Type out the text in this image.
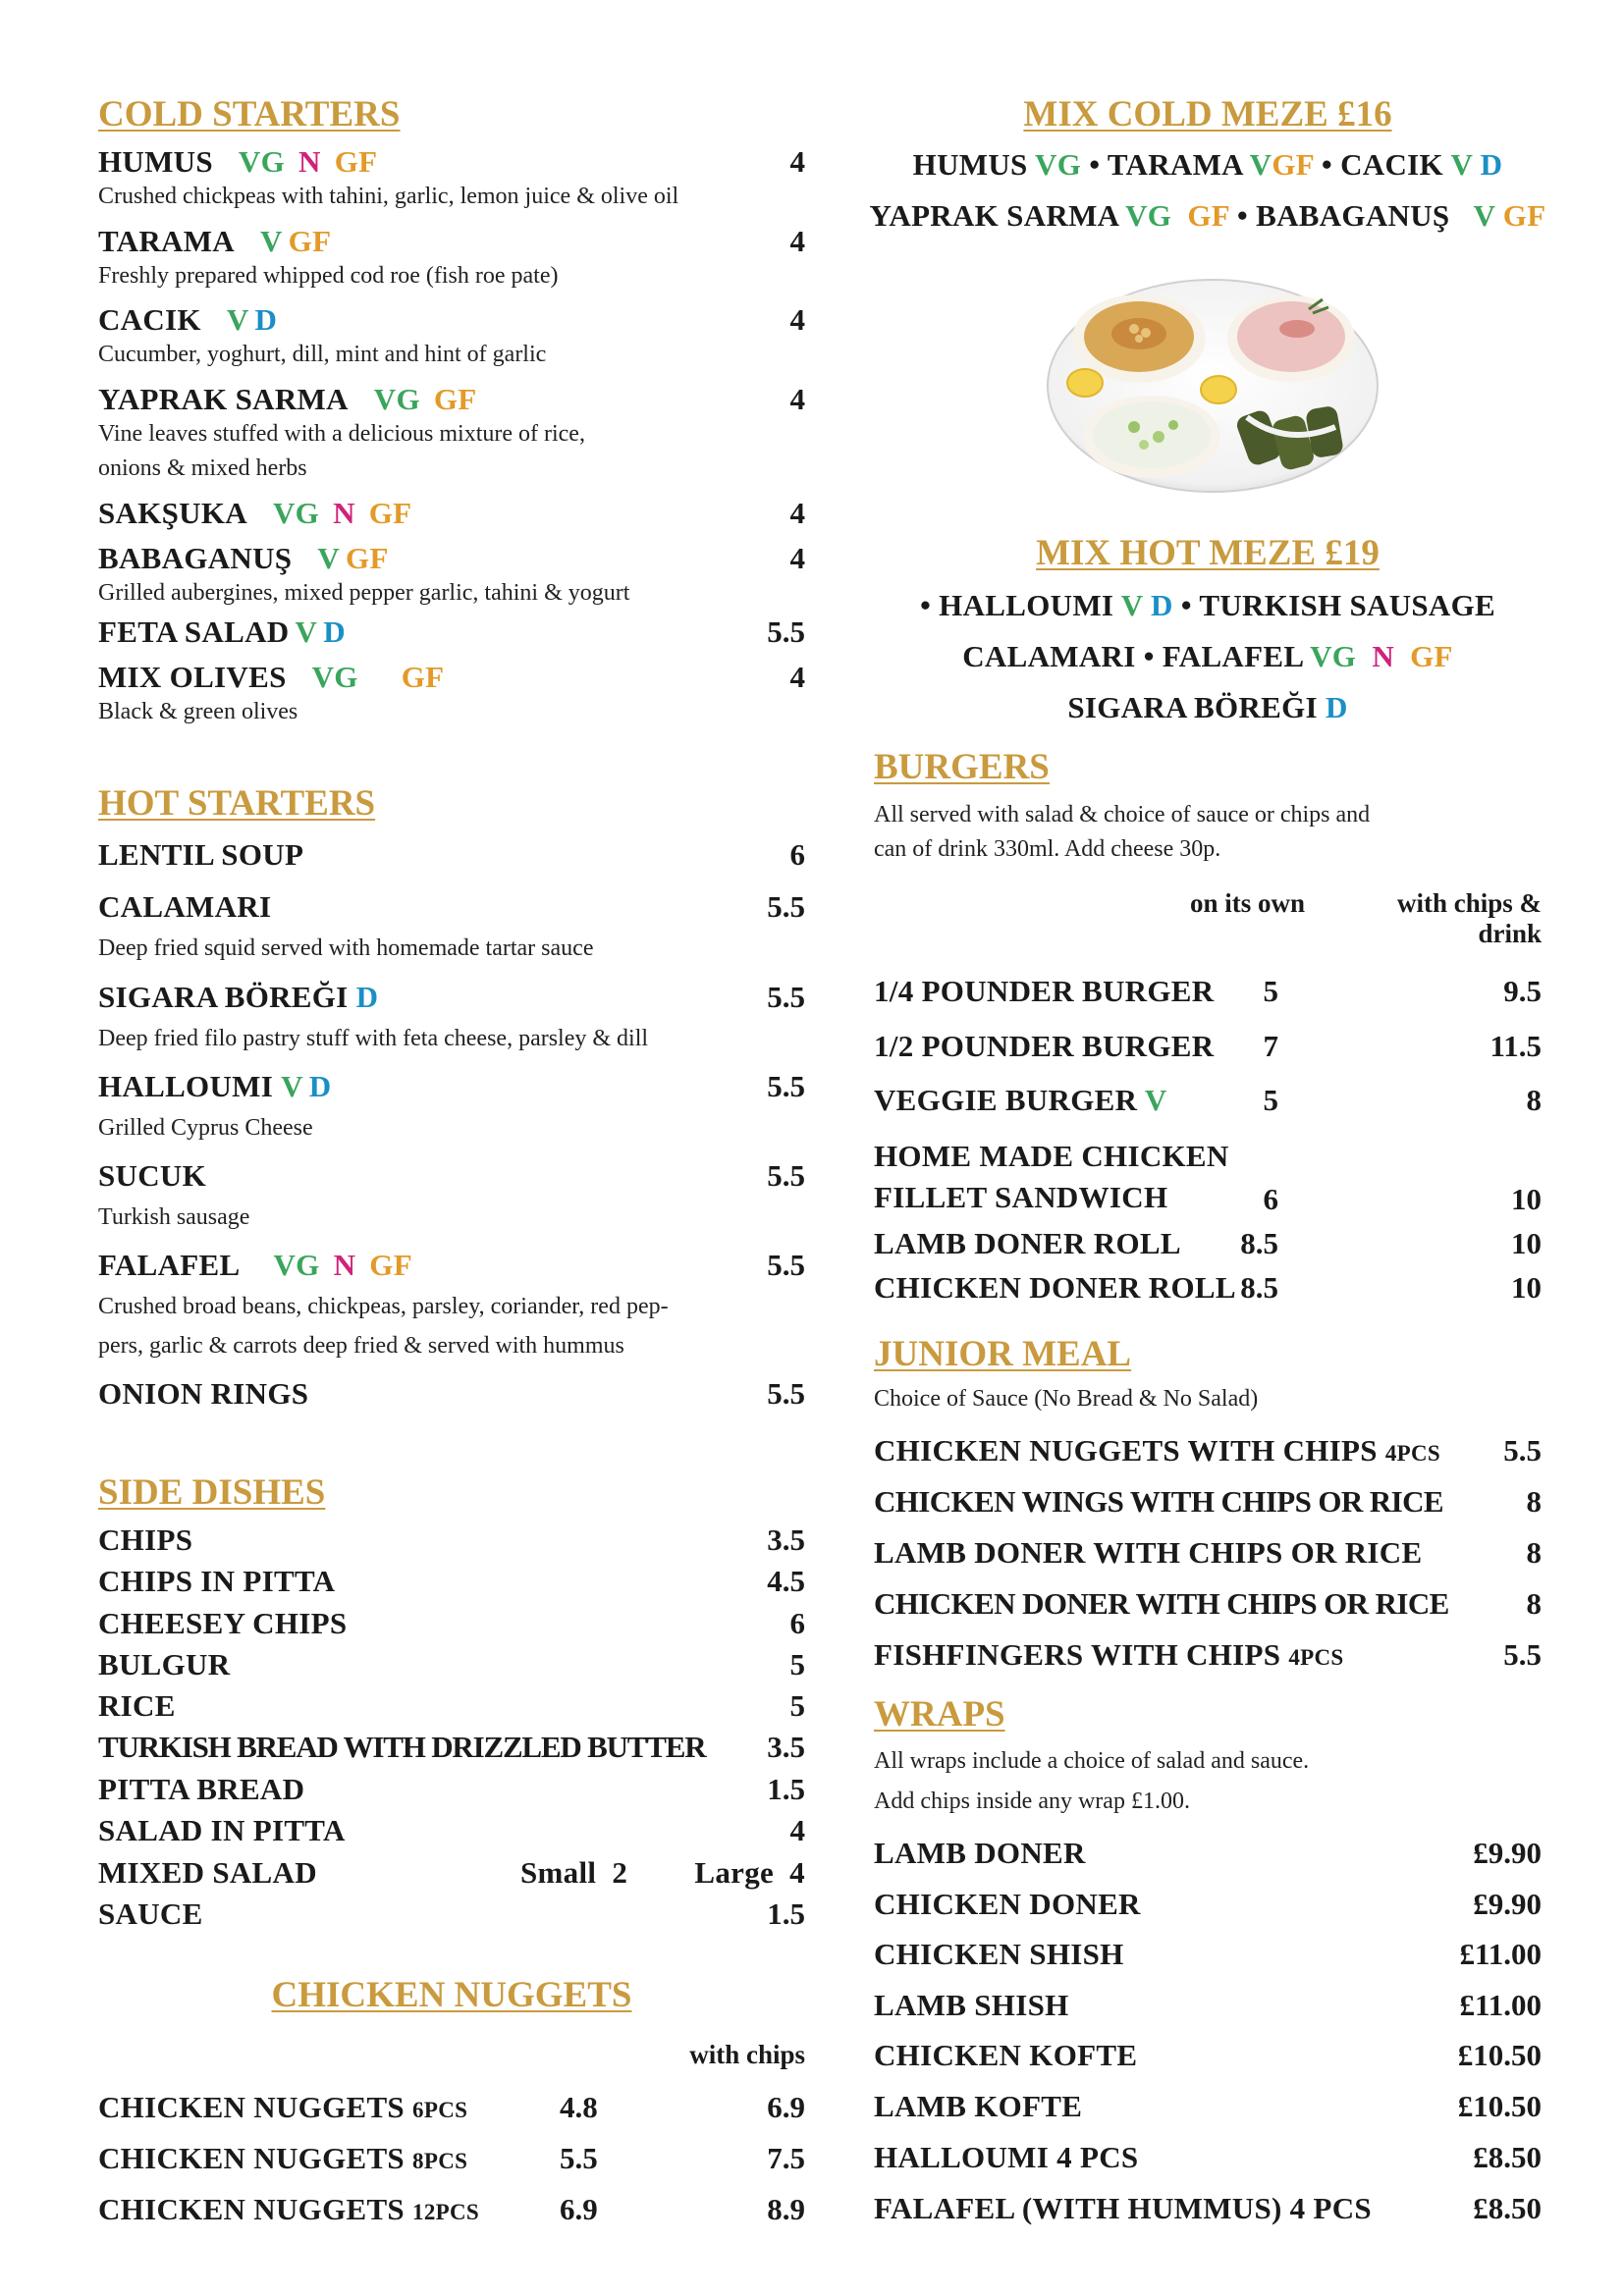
COLD STARTERS
HUMUS VG N GF	4
Crushed chickpeas with tahini, garlic, lemon juice & olive oil
TARAMA V GF	4
Freshly prepared whipped cod roe (fish roe pate)
CACIK V D	4
Cucumber, yoghurt, dill, mint and hint of garlic
YAPRAK SARMA VG GF	4
Vine leaves stuffed with a delicious mixture of rice,
onions & mixed herbs
SAKŞUKA VG N GF	4
BABAGANUŞ V GF	4
Grilled aubergines, mixed pepper garlic, tahini & yogurt
FETA SALAD V D	5.5
MIX OLIVES VG GF	4
Black & green olives
HOT STARTERS
LENTIL SOUP	6
CALAMARI	5.5
Deep fried squid served with homemade tartar sauce
SIGARA BÖREĞI D	5.5
Deep fried filo pastry stuff with feta cheese, parsley & dill
HALLOUMI V D	5.5
Grilled Cyprus Cheese
SUCUK	5.5
Turkish sausage
FALAFEL VG N GF	5.5
Crushed broad beans, chickpeas, parsley, coriander, red pep-
pers, garlic & carrots deep fried & served with hummus
ONION RINGS	5.5
SIDE DISHES
CHIPS	3.5
CHIPS IN PITTA	4.5
CHEESEY CHIPS	6
BULGUR	5
RICE	5
TURKISH BREAD WITH DRIZZLED BUTTER	3.5
PITTA BREAD	1.5
SALAD IN PITTA	4
MIXED SALAD	Small  2 Large  4
SAUCE	1.5
CHICKEN NUGGETS
with chips
CHICKEN NUGGETS 6PCS	4.8	6.9
CHICKEN NUGGETS 8PCS	5.5	7.5
CHICKEN NUGGETS 12PCS	6.9	8.9
MIX COLD MEZE £16
HUMUS VG • TARAMA VGF • CACIK V D
YAPRAK SARMA VG GF • BABAGANUŞ V GF
MIX HOT MEZE £19
• HALLOUMI V D • TURKISH SAUSAGE
CALAMARI • FALAFEL VG N GF
SIGARA BÖREĞI D
BURGERS
All served with salad & choice of sauce or chips and
can of drink 330ml. Add cheese 30p.
on its own	with chips &
drink
1/4 POUNDER BURGER	5	9.5
1/2 POUNDER BURGER	7	11.5
VEGGIE BURGER V	5	8
HOME MADE CHICKEN
FILLET SANDWICH	6	10
LAMB DONER ROLL	8.5	10
CHICKEN DONER ROLL 8.5	10
JUNIOR MEAL
Choice of Sauce (No Bread & No Salad)
CHICKEN NUGGETS WITH CHIPS 4PCS	5.5
CHICKEN WINGS WITH CHIPS OR RICE	8
LAMB DONER WITH CHIPS OR RICE	8
CHICKEN DONER WITH CHIPS OR RICE	8
FISHFINGERS WITH CHIPS 4PCS	5.5
WRAPS
All wraps include a choice of salad and sauce.
Add chips inside any wrap £1.00.
LAMB DONER	£9.90
CHICKEN DONER	£9.90
CHICKEN SHISH	£11.00
LAMB SHISH	£11.00
CHICKEN KOFTE	£10.50
LAMB KOFTE	£10.50
HALLOUMI 4 PCS	£8.50
FALAFEL (WITH HUMMUS) 4 PCS	£8.50
